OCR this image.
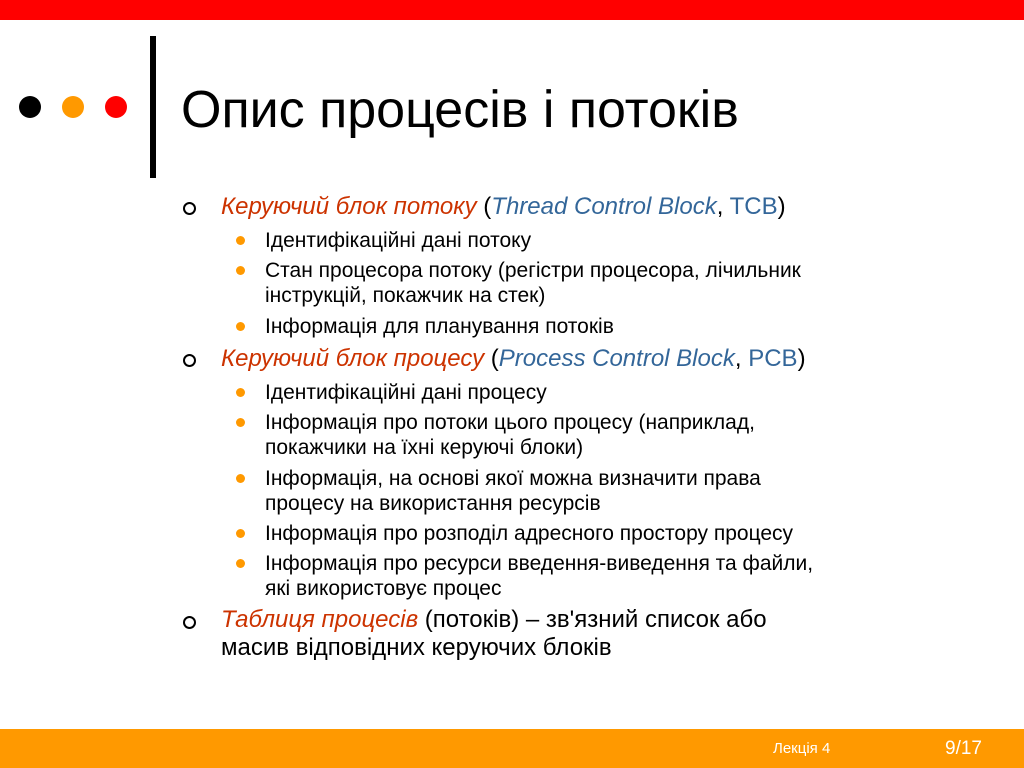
Опис процесів і потоків
Керуючий блок потоку (Thread Control Block, TCB)
Ідентифікаційні дані потоку
Стан процесора потоку (регістри процесора, лічильник
інструкцій, покажчик на стек)
Інформація для планування потоків
Керуючий блок процесу (Process Control Block, PCB)
Ідентифікаційні дані процесу
Інформація про потоки цього процесу (наприклад,
покажчики на їхні керуючі блоки)
Інформація, на основі якої можна визначити права
процесу на використання ресурсів
Інформація про розподіл адресного простору процесу
Інформація про ресурси введення-виведення та файли,
які використовує процес
Таблиця процесів (потоків) – зв'язний список або
масив відповідних керуючих блоків
Лекція 4	9/17
